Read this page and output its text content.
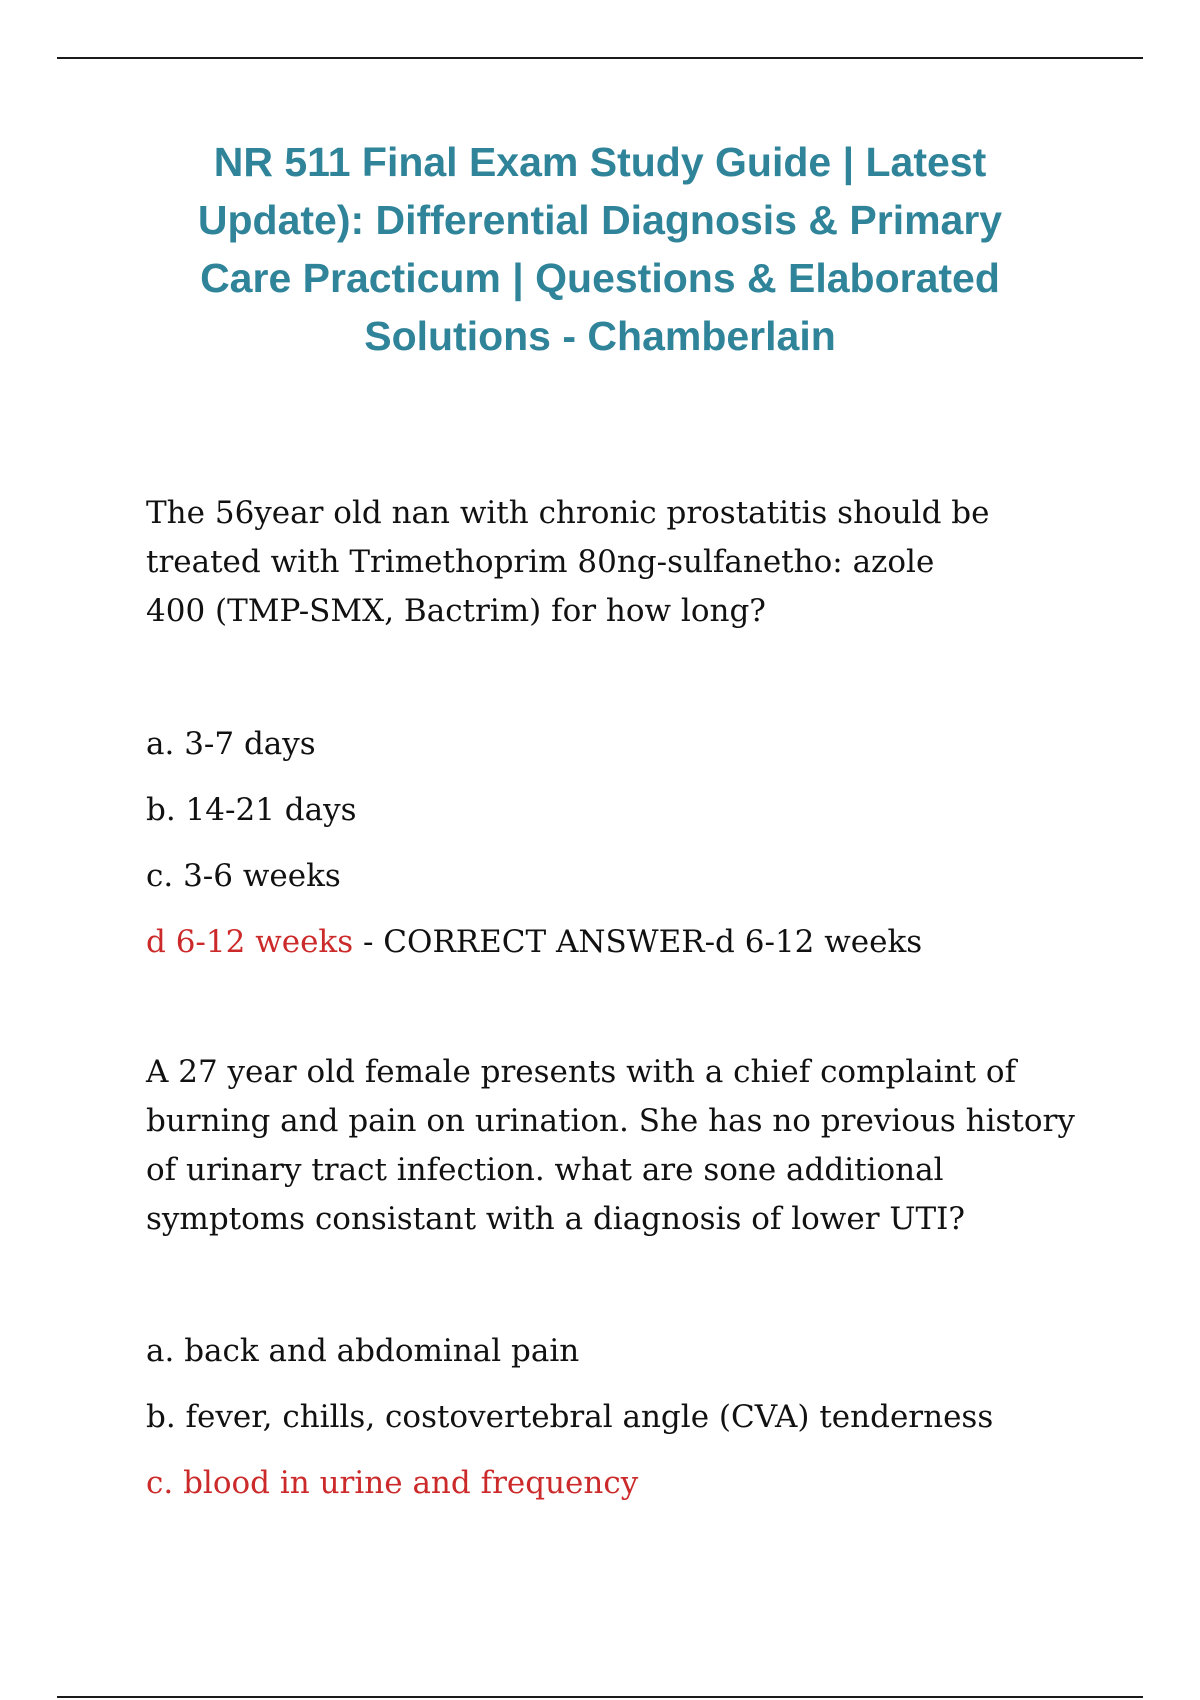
NR 511 Final Exam Study Guide | Latest
Update): Differential Diagnosis & Primary
Care Practicum | Questions & Elaborated
Solutions - Chamberlain

The 56year old nan with chronic prostatitis should be
treated with Trimethoprim 80ng-sulfanetho: azole
400 (TMP-SMX, Bactrim) for how long?

a. 3-7 days
b. 14-21 days
c. 3-6 weeks
d 6-12 weeks - CORRECT ANSWER-d 6-12 weeks

A 27 year old female presents with a chief complaint of
burning and pain on urination. She has no previous history
of urinary tract infection. what are sone additional
symptoms consistant with a diagnosis of lower UTI?

a. back and abdominal pain
b. fever, chills, costovertebral angle (CVA) tenderness
c. blood in urine and frequency
